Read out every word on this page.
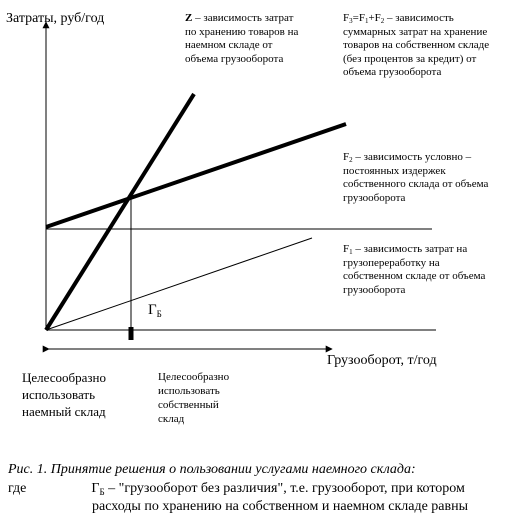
Затраты, руб/год

Грузооборот, т/год

Z – зависимость затрат
по хранению товаров на
наемном складе от
объема грузооборота
$F_3=F_1+F_2$ – зависимость
суммарных затрат на хранение
товаров на собственном складе
(без процентов за кредит) от
объема грузооборота
$F_2$ – зависимость условно –
постоянных издержек
собственного склада от объема
грузооборота
$F_1$ – зависимость затрат на
грузопереработку на
собственном складе от объема
грузооборота
$Г_Б$
Целесообразно
использовать
наемный склад
Целесообразно
использовать
собственный
склад

Рис. 1. Принятие решения о пользовании услугами наемного склада:

где	$Г_Б$ – "грузооборот без различия", т.е. грузооборот, при котором

расходы по хранению на собственном и наемном складе равны
